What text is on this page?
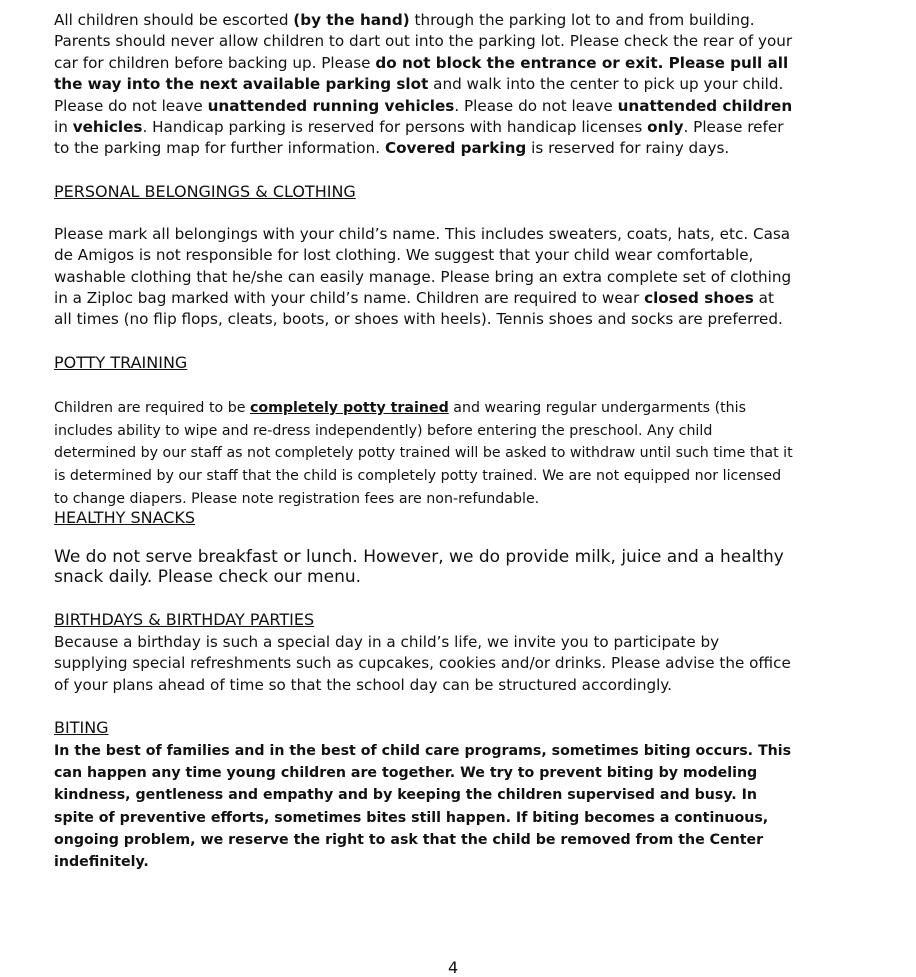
All children should be escorted (by the hand) through the parking lot to and from building. Parents should never allow children to dart out into the parking lot. Please check the rear of your car for children before backing up. Please do not block the entrance or exit. Please pull all the way into the next available parking slot and walk into the center to pick up your child. Please do not leave unattended running vehicles. Please do not leave unattended children in vehicles. Handicap parking is reserved for persons with handicap licenses only. Please refer to the parking map for further information. Covered parking is reserved for rainy days.

PERSONAL BELONGINGS & CLOTHING

Please mark all belongings with your child’s name. This includes sweaters, coats, hats, etc. Casa de Amigos is not responsible for lost clothing. We suggest that your child wear comfortable, washable clothing that he/she can easily manage. Please bring an extra complete set of clothing in a Ziploc bag marked with your child’s name. Children are required to wear closed shoes at all times (no flip flops, cleats, boots, or shoes with heels). Tennis shoes and socks are preferred.

POTTY TRAINING

Children are required to be completely potty trained and wearing regular undergarments (this includes ability to wipe and re-dress independently) before entering the preschool. Any child determined by our staff as not completely potty trained will be asked to withdraw until such time that it is determined by our staff that the child is completely potty trained. We are not equipped nor licensed to change diapers. Please note registration fees are non-refundable.

HEALTHY SNACKS

We do not serve breakfast or lunch. However, we do provide milk, juice and a healthy snack daily. Please check our menu.

BIRTHDAYS & BIRTHDAY PARTIES

Because a birthday is such a special day in a child’s life, we invite you to participate by supplying special refreshments such as cupcakes, cookies and/or drinks. Please advise the office of your plans ahead of time so that the school day can be structured accordingly.

BITING

In the best of families and in the best of child care programs, sometimes biting occurs. This can happen any time young children are together. We try to prevent biting by modeling kindness, gentleness and empathy and by keeping the children supervised and busy. In spite of preventive efforts, sometimes bites still happen. If biting becomes a continuous, ongoing problem, we reserve the right to ask that the child be removed from the Center indefinitely.

4
